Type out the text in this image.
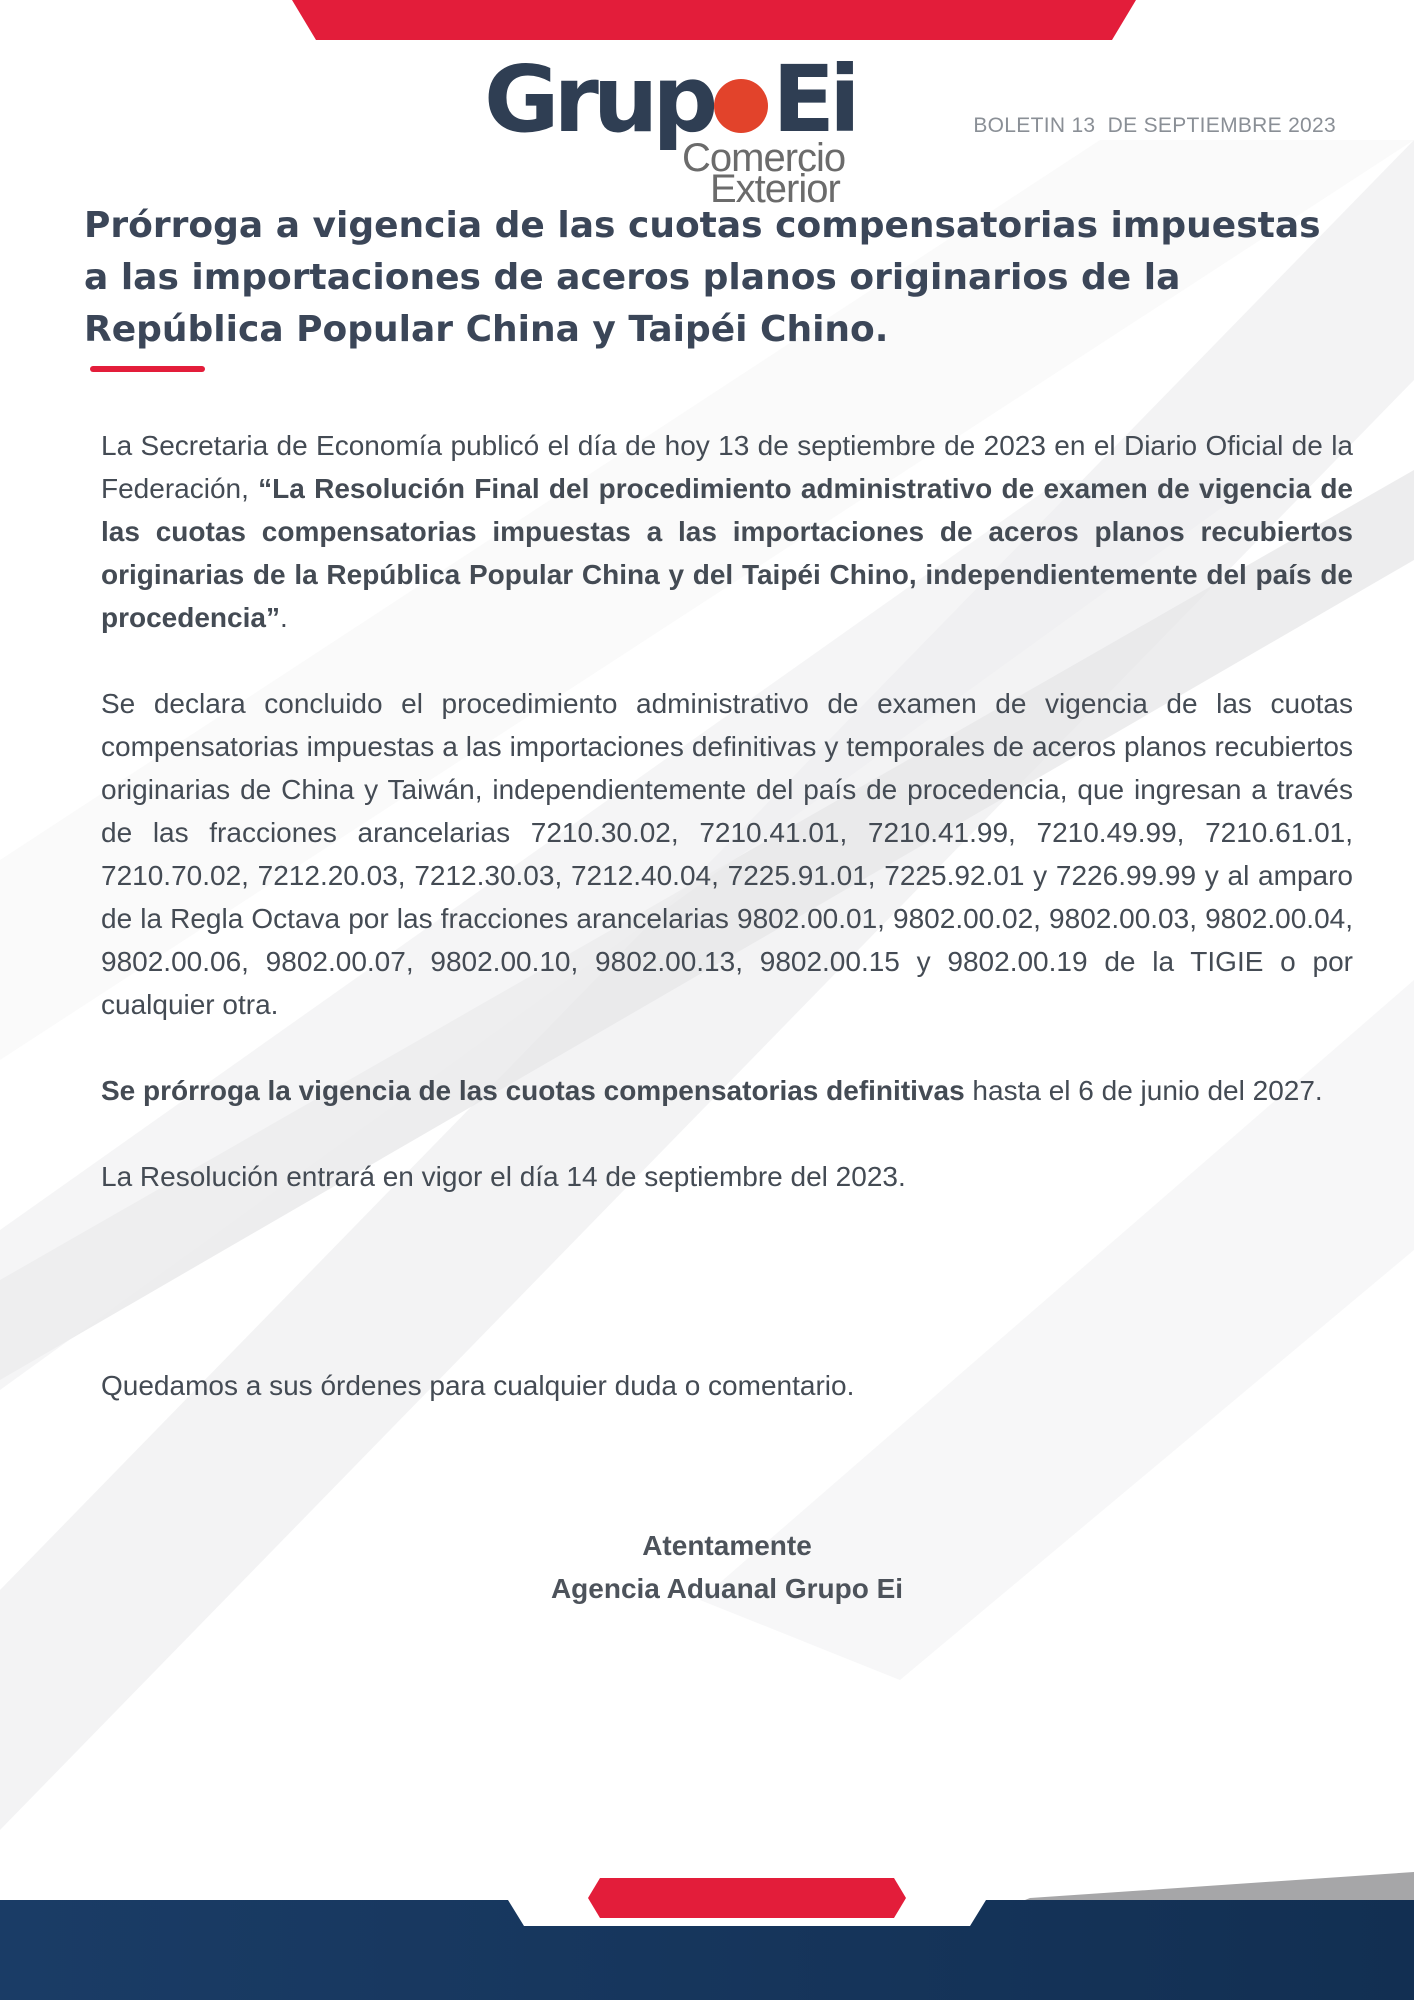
Grup Ei
Comercio
Exterior
BOLETIN 13  DE SEPTIEMBRE 2023
Prórroga a vigencia de las cuotas compensatorias impuestas a las importaciones de aceros planos originarios de la República Popular China y Taipéi Chino.

La Secretaria de Economía publicó el día de hoy 13 de septiembre de 2023 en el Diario Oficial de la Federación, “La Resolución Final del procedimiento administrativo de examen de vigencia de las cuotas compensatorias impuestas a las importaciones de aceros planos recubiertos originarias de la República Popular China y del Taipéi Chino, independientemente del país de procedencia”.

Se declara concluido el procedimiento administrativo de examen de vigencia de las cuotas compensatorias impuestas a las importaciones definitivas y temporales de aceros planos recubiertos originarias de China y Taiwán, independientemente del país de procedencia, que ingresan a través de las fracciones arancelarias 7210.30.02, 7210.41.01, 7210.41.99, 7210.49.99, 7210.61.01, 7210.70.02, 7212.20.03, 7212.30.03, 7212.40.04, 7225.91.01, 7225.92.01 y 7226.99.99 y al amparo de la Regla Octava por las fracciones arancelarias 9802.00.01, 9802.00.02, 9802.00.03, 9802.00.04, 9802.00.06, 9802.00.07, 9802.00.10, 9802.00.13, 9802.00.15 y 9802.00.19 de la TIGIE o por cualquier otra.

Se prórroga la vigencia de las cuotas compensatorias definitivas hasta el 6 de junio del 2027.

La Resolución entrará en vigor el día 14 de septiembre del 2023.

Quedamos a sus órdenes para cualquier duda o comentario.

Atentamente
Agencia Aduanal Grupo Ei
